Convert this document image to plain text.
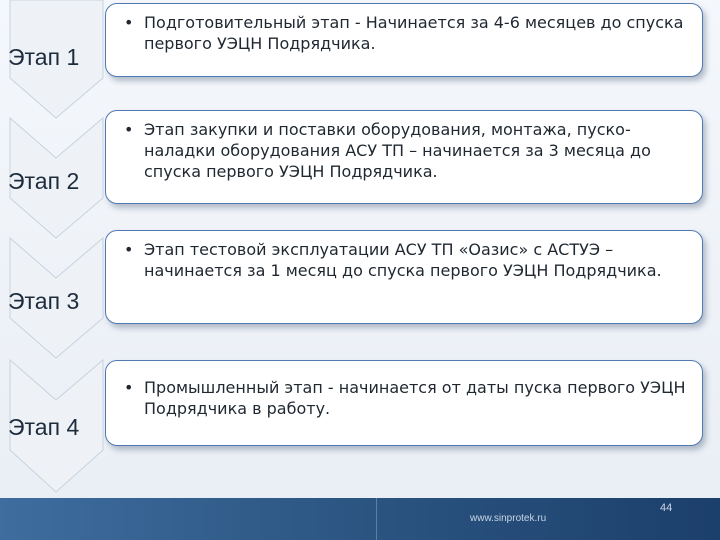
Этап 1
• Подготовительный этап - Начинается за 4-6 месяцев до спуска первого УЭЦН Подрядчика.
Этап 2
• Этап закупки и поставки оборудования, монтажа, пуско-наладки оборудования АСУ ТП – начинается за 3 месяца до спуска первого УЭЦН Подрядчика.
Этап 3
• Этап тестовой эксплуатации АСУ ТП «Оазис» с АСТУЭ – начинается за 1 месяц до спуска первого УЭЦН Подрядчика.
Этап 4
• Промышленный этап - начинается от даты пуска первого УЭЦН Подрядчика в работу.
www.sinprotek.ru
44
